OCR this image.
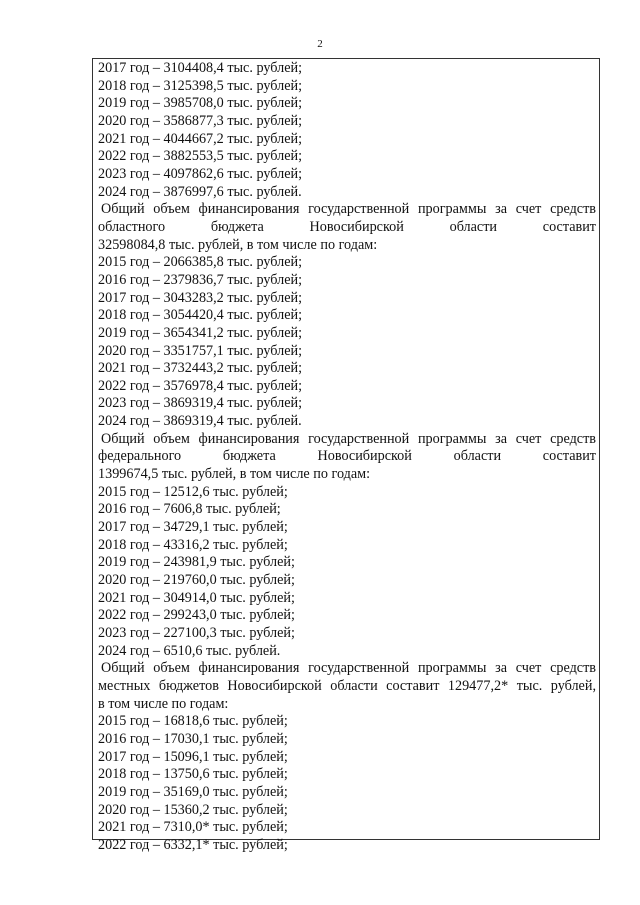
2
2017 год – 3104408,4 тыс. рублей;
2018 год – 3125398,5 тыс. рублей;
2019 год – 3985708,0 тыс. рублей;
2020 год – 3586877,3 тыс. рублей;
2021 год – 4044667,2 тыс. рублей;
2022 год – 3882553,5 тыс. рублей;
2023 год – 4097862,6 тыс. рублей;
2024 год – 3876997,6 тыс. рублей.
Общий объем финансирования государственной программы за счет средств
областного бюджета Новосибирской области составит
32598084,8 тыс. рублей, в том числе по годам:
2015 год – 2066385,8 тыс. рублей;
2016 год – 2379836,7 тыс. рублей;
2017 год – 3043283,2 тыс. рублей;
2018 год – 3054420,4 тыс. рублей;
2019 год – 3654341,2 тыс. рублей;
2020 год – 3351757,1 тыс. рублей;
2021 год – 3732443,2 тыс. рублей;
2022 год – 3576978,4 тыс. рублей;
2023 год – 3869319,4 тыс. рублей;
2024 год – 3869319,4 тыс. рублей.
Общий объем финансирования государственной программы за счет средств
федерального бюджета Новосибирской области составит
1399674,5 тыс. рублей, в том числе по годам:
2015 год – 12512,6 тыс. рублей;
2016 год – 7606,8 тыс. рублей;
2017 год – 34729,1 тыс. рублей;
2018 год – 43316,2 тыс. рублей;
2019 год – 243981,9 тыс. рублей;
2020 год – 219760,0 тыс. рублей;
2021 год – 304914,0 тыс. рублей;
2022 год – 299243,0 тыс. рублей;
2023 год – 227100,3 тыс. рублей;
2024 год – 6510,6 тыс. рублей.
Общий объем финансирования государственной программы за счет средств
местных бюджетов Новосибирской области составит 129477,2* тыс. рублей,
в том числе по годам:
2015 год – 16818,6 тыс. рублей;
2016 год – 17030,1 тыс. рублей;
2017 год – 15096,1 тыс. рублей;
2018 год – 13750,6 тыс. рублей;
2019 год – 35169,0 тыс. рублей;
2020 год – 15360,2 тыс. рублей;
2021 год – 7310,0* тыс. рублей;
2022 год – 6332,1* тыс. рублей;
